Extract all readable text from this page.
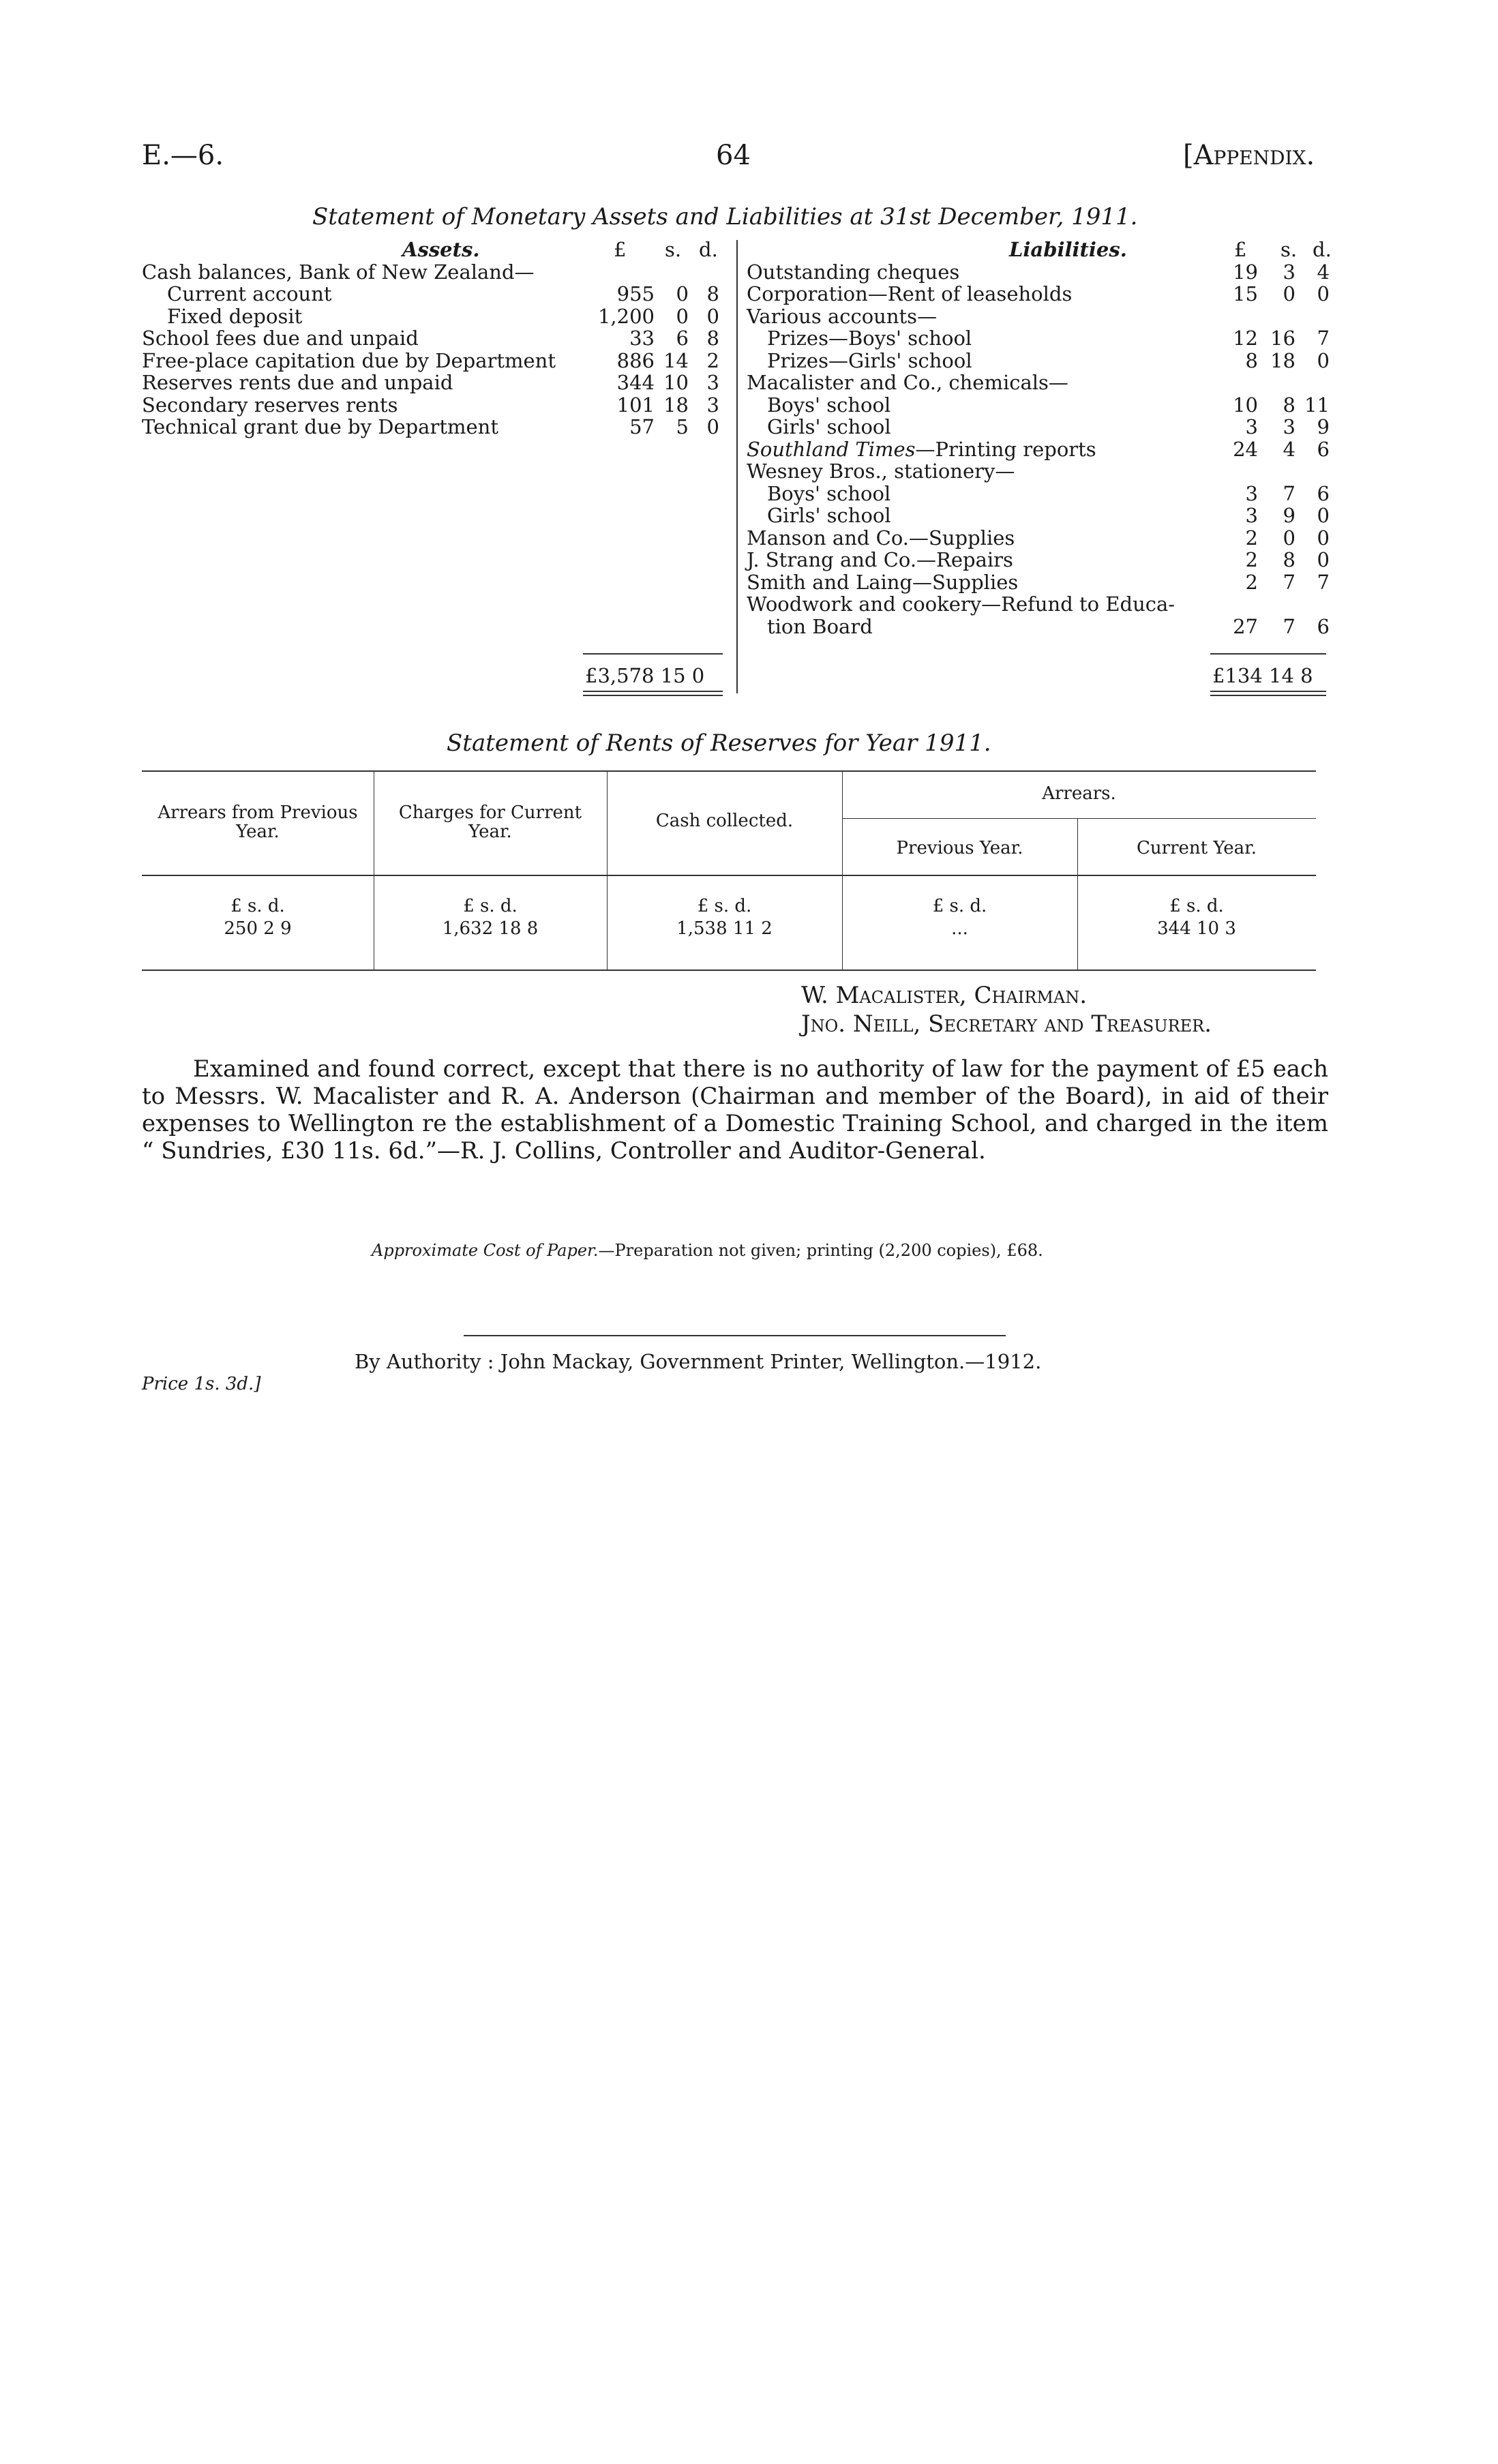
E.—6.	64	[Appendix.
Statement of Monetary Assets and Liabilities at 31st December, 1911.
Assets.	£ s. d.
Cash balances, Bank of New Zealand—
Current account	955	0 8
Fixed deposit	1,200	0 0
School fees due and unpaid	33	6 8
Free-place capitation due by Department	886 14 2
Reserves rents due and unpaid	344 10 3
Secondary reserves rents	101 18 3
Technical grant due by Department	57	5 0
Liabilities.	£ s. d.
Outstanding cheques	19	3	4
Corporation—Rent of leaseholds	15	0	0
Various accounts—
Prizes—Boys' school	12 16	7
Prizes—Girls' school	8 18	0
Macalister and Co., chemicals—
Boys' school	10	8 11
Girls' school	3	3	9
Southland Times—Printing reports	24	4	6
Wesney Bros., stationery—
Boys' school	3	7	6
Girls' school	3	9	0
Manson and Co.—Supplies	2	0	0
J. Strang and Co.—Repairs	2	8	0
Smith and Laing—Supplies	2	7	7
Woodwork and cookery—Refund to Educa-
tion Board	27	7	6
£3,578 15 0	£134 14 8
Statement of Rents of Reserves for Year 1911.
Arrears from Previous
Year.
Charges for Current
Year.
Cash collected.
Arrears.
Previous Year.	Current Year.
£ s. d.	£ s. d.	£ s. d.	£ s. d.	£ s. d.
250 2 9	1,632 18 8	1,538 11 2	...	344 10 3
W. Macalister, Chairman.
Jno. Neill, Secretary and Treasurer.
Examined and found correct, except that there is no authority of law for the payment of £5 each to Messrs. W. Macalister and R. A. Anderson (Chairman and member of the Board), in aid of their expenses to Wellington re the establishment of a Domestic Training School, and charged in the item “ Sundries, £30 11s. 6d.”—R. J. Collins, Controller and Auditor-General.
Approximate Cost of Paper.—Preparation not given; printing (2,200 copies), £68.
By Authority : John Mackay, Government Printer, Wellington.—1912.
Price 1s. 3d.]
